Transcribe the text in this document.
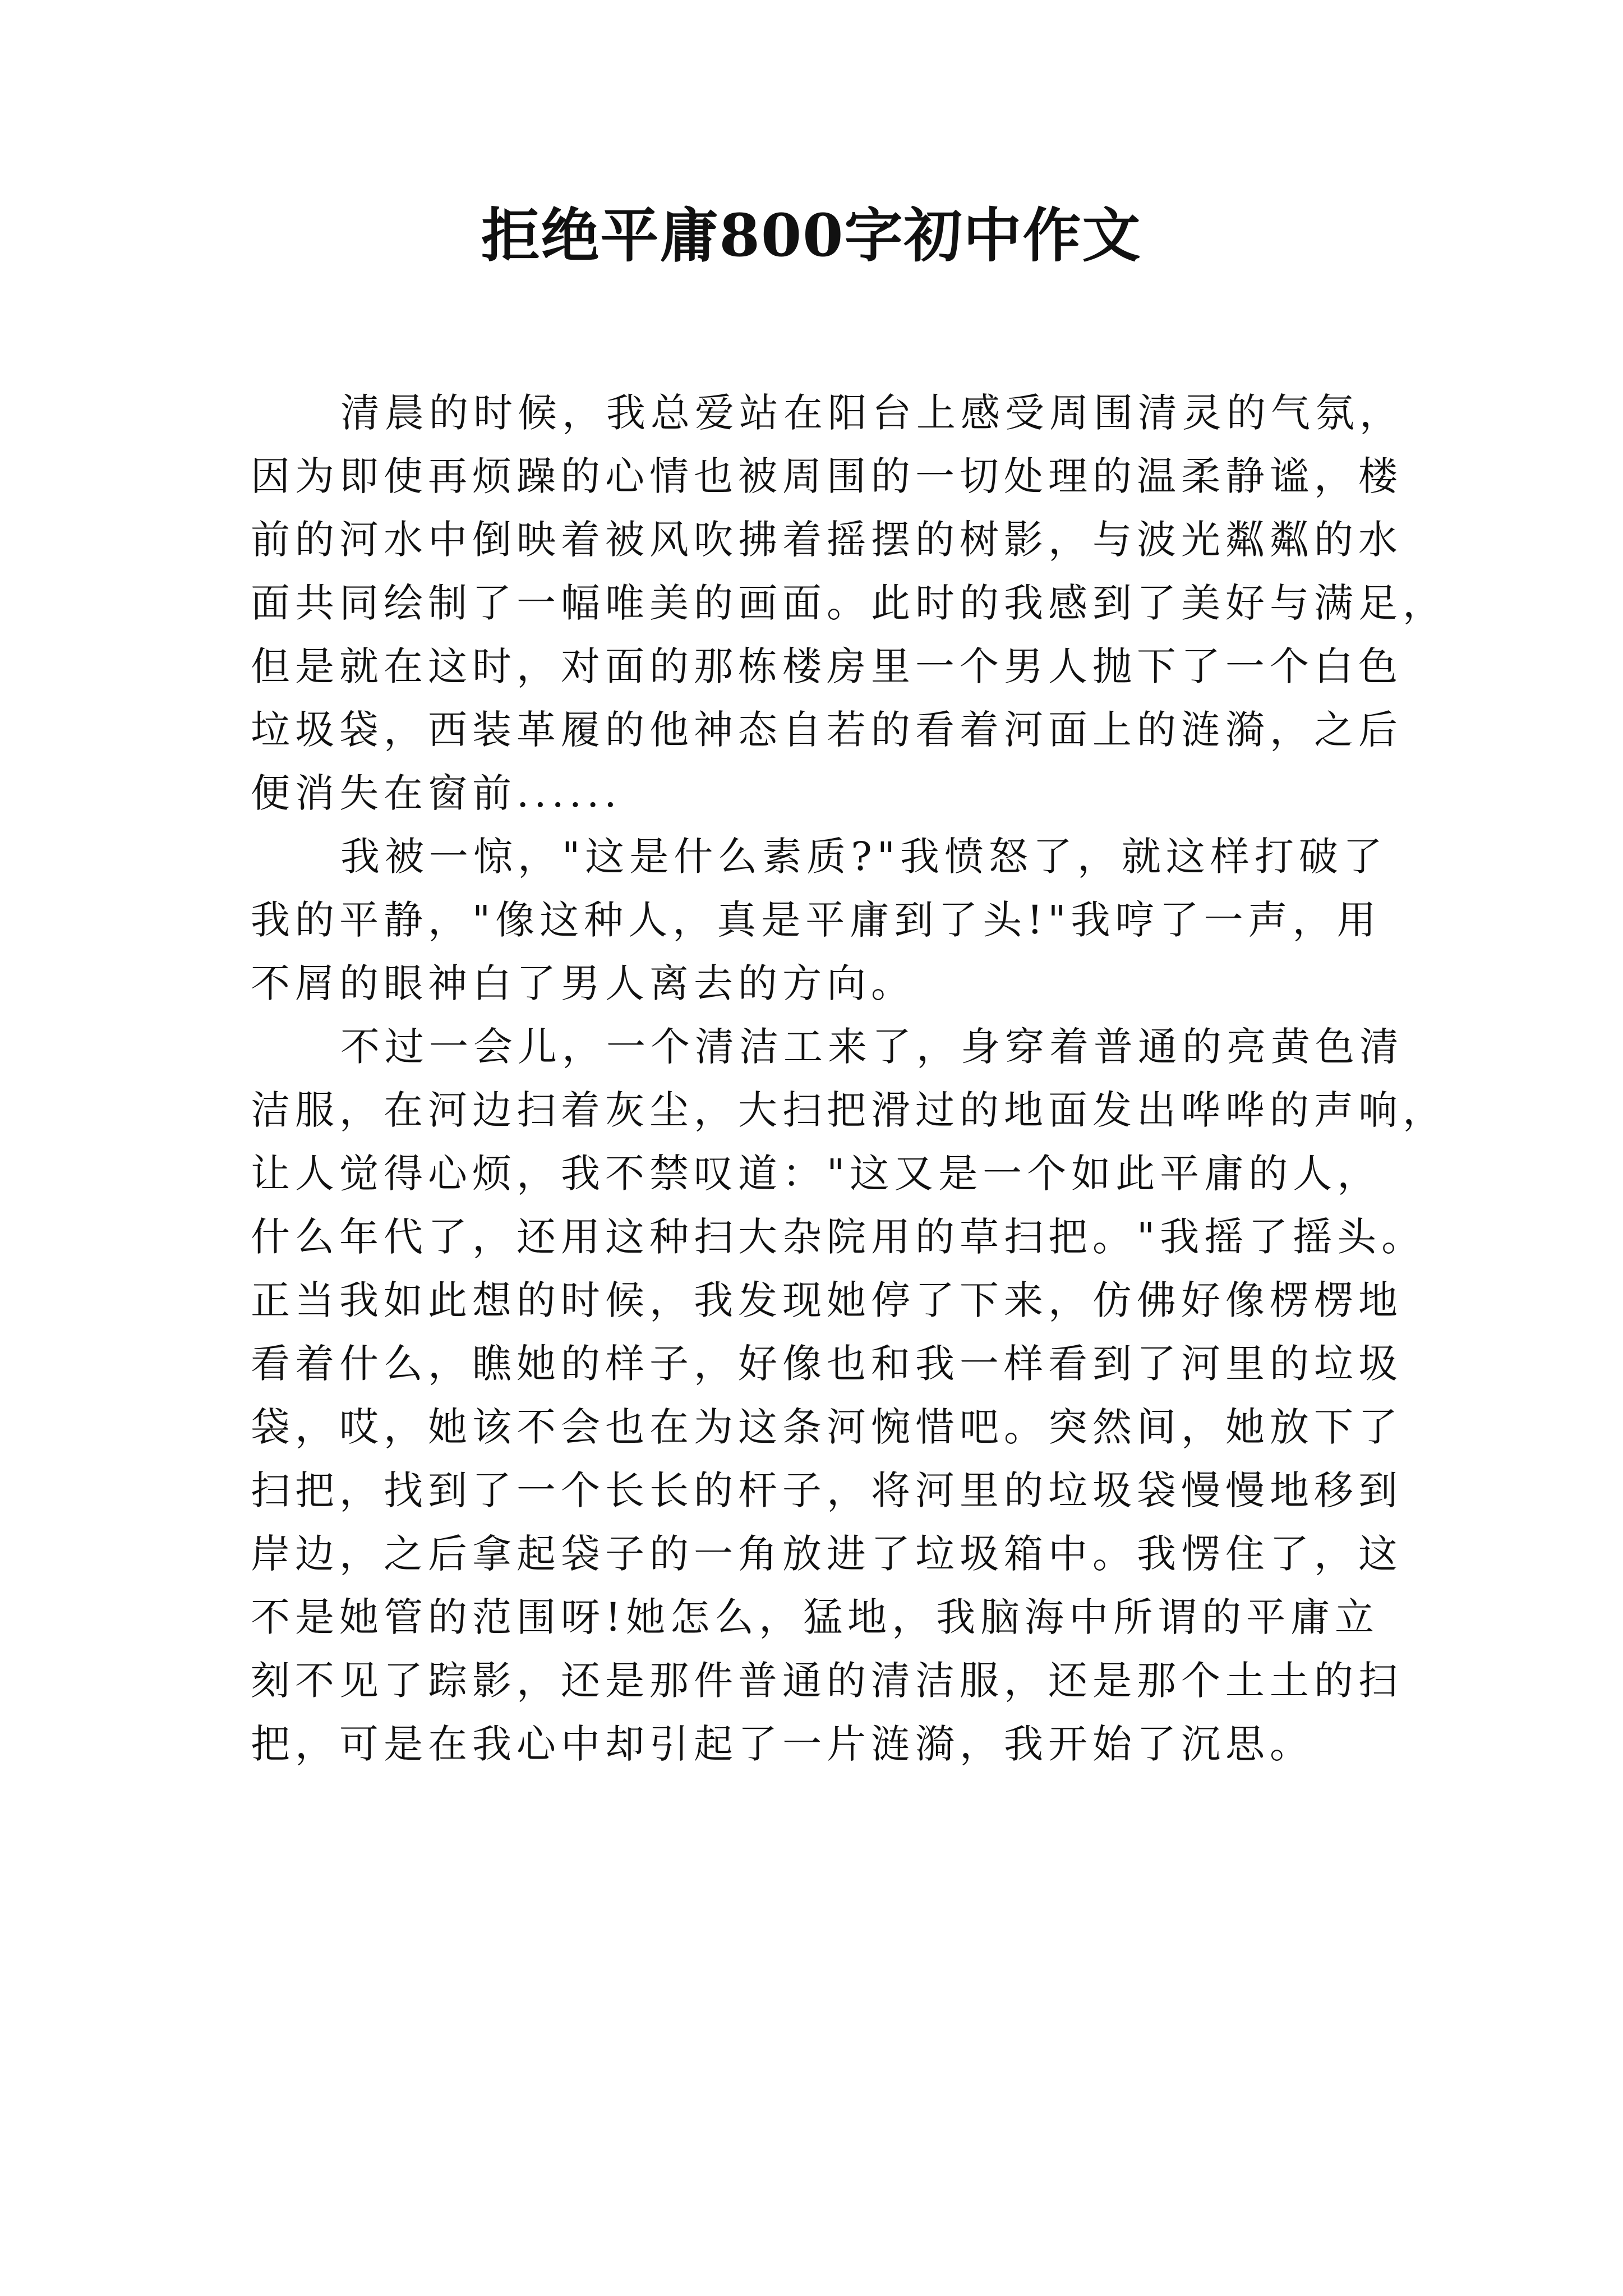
拒绝平庸800字初中作文

清晨的时候，我总爱站在阳台上感受周围清灵的气氛，
因为即使再烦躁的心情也被周围的一切处理的温柔静谧，楼
前的河水中倒映着被风吹拂着摇摆的树影，与波光粼粼的水
面共同绘制了一幅唯美的画面。此时的我感到了美好与满足，
但是就在这时，对面的那栋楼房里一个男人抛下了一个白色
垃圾袋，西装革履的他神态自若的看着河面上的涟漪，之后
便消失在窗前......

我被一惊，"这是什么素质?"我愤怒了，就这样打破了
我的平静，"像这种人，真是平庸到了头!"我哼了一声，用
不屑的眼神白了男人离去的方向。

不过一会儿，一个清洁工来了，身穿着普通的亮黄色清
洁服，在河边扫着灰尘，大扫把滑过的地面发出哗哗的声响，
让人觉得心烦，我不禁叹道："这又是一个如此平庸的人，
什么年代了，还用这种扫大杂院用的草扫把。"我摇了摇头。
正当我如此想的时候，我发现她停了下来，仿佛好像楞楞地
看着什么，瞧她的样子，好像也和我一样看到了河里的垃圾
袋，哎，她该不会也在为这条河惋惜吧。突然间，她放下了
扫把，找到了一个长长的杆子，将河里的垃圾袋慢慢地移到
岸边，之后拿起袋子的一角放进了垃圾箱中。我愣住了，这
不是她管的范围呀!她怎么，猛地，我脑海中所谓的平庸立
刻不见了踪影，还是那件普通的清洁服，还是那个土土的扫
把，可是在我心中却引起了一片涟漪，我开始了沉思。
